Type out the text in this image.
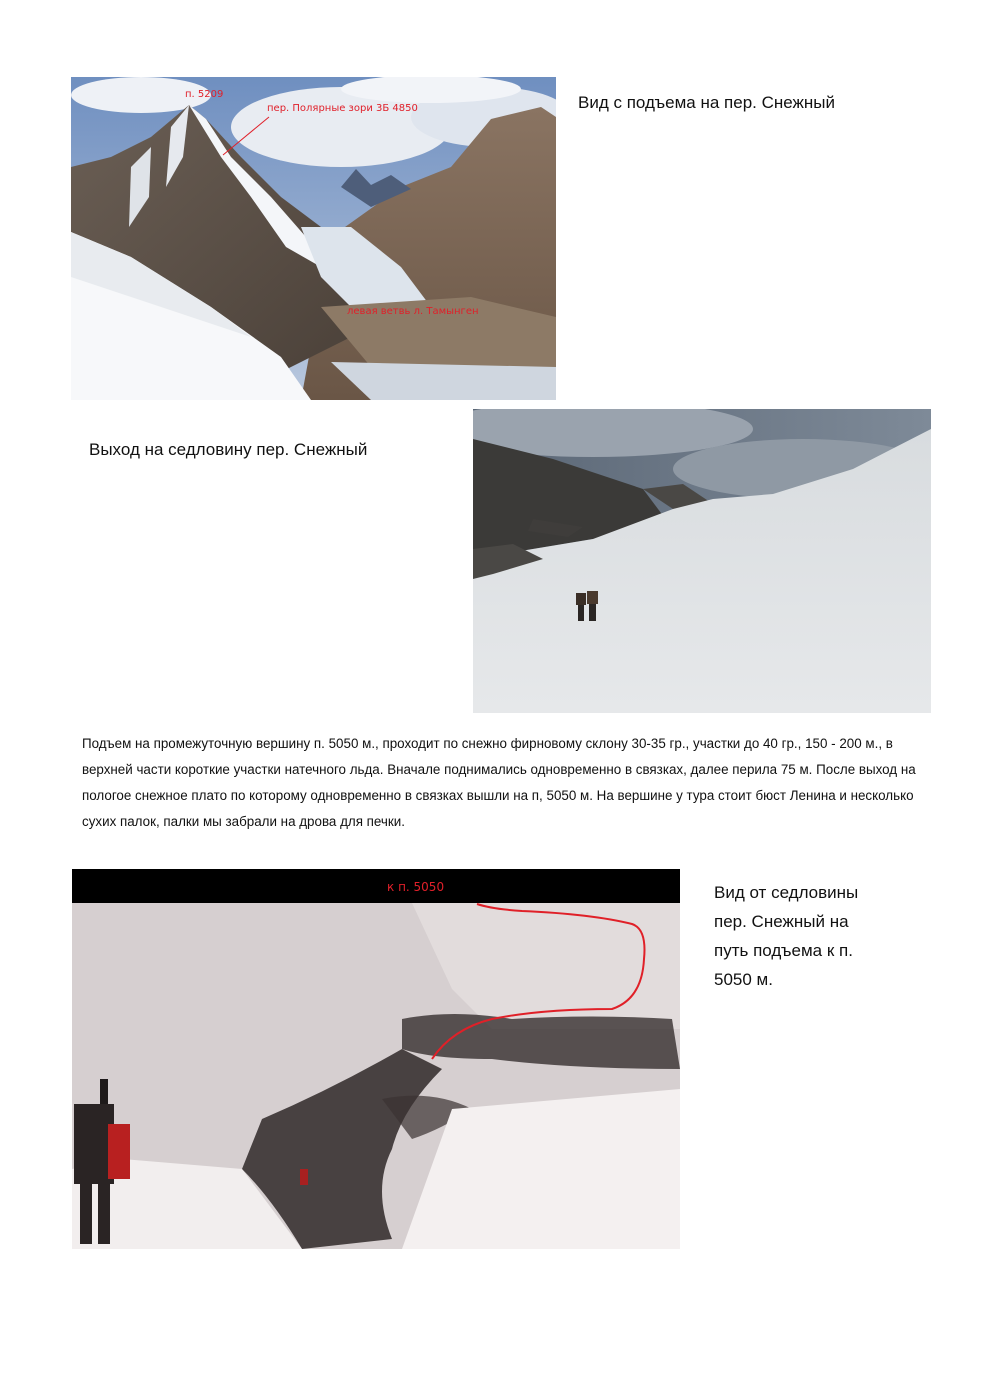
п. 5209
пер. Полярные зори 3Б 4850
левая ветвь л. Тамынген
Вид с подъема на пер. Снежный
Выход на седловину пер. Снежный
Подъем на промежуточную вершину п. 5050 м., проходит по снежно фирновому склону 30-35 гр., участки до 40 гр., 150 - 200 м., в верхней части короткие участки натечного льда. Вначале поднимались одновременно в связках, далее перила 75 м. После выход на пологое снежное плато по которому одновременно в связках вышли на п, 5050 м. На вершине у тура стоит бюст Ленина и несколько сухих палок, палки мы забрали на дрова для печки.
к п. 5050	Вид от седловины пер. Снежный на путь подъема к п. 5050 м.
